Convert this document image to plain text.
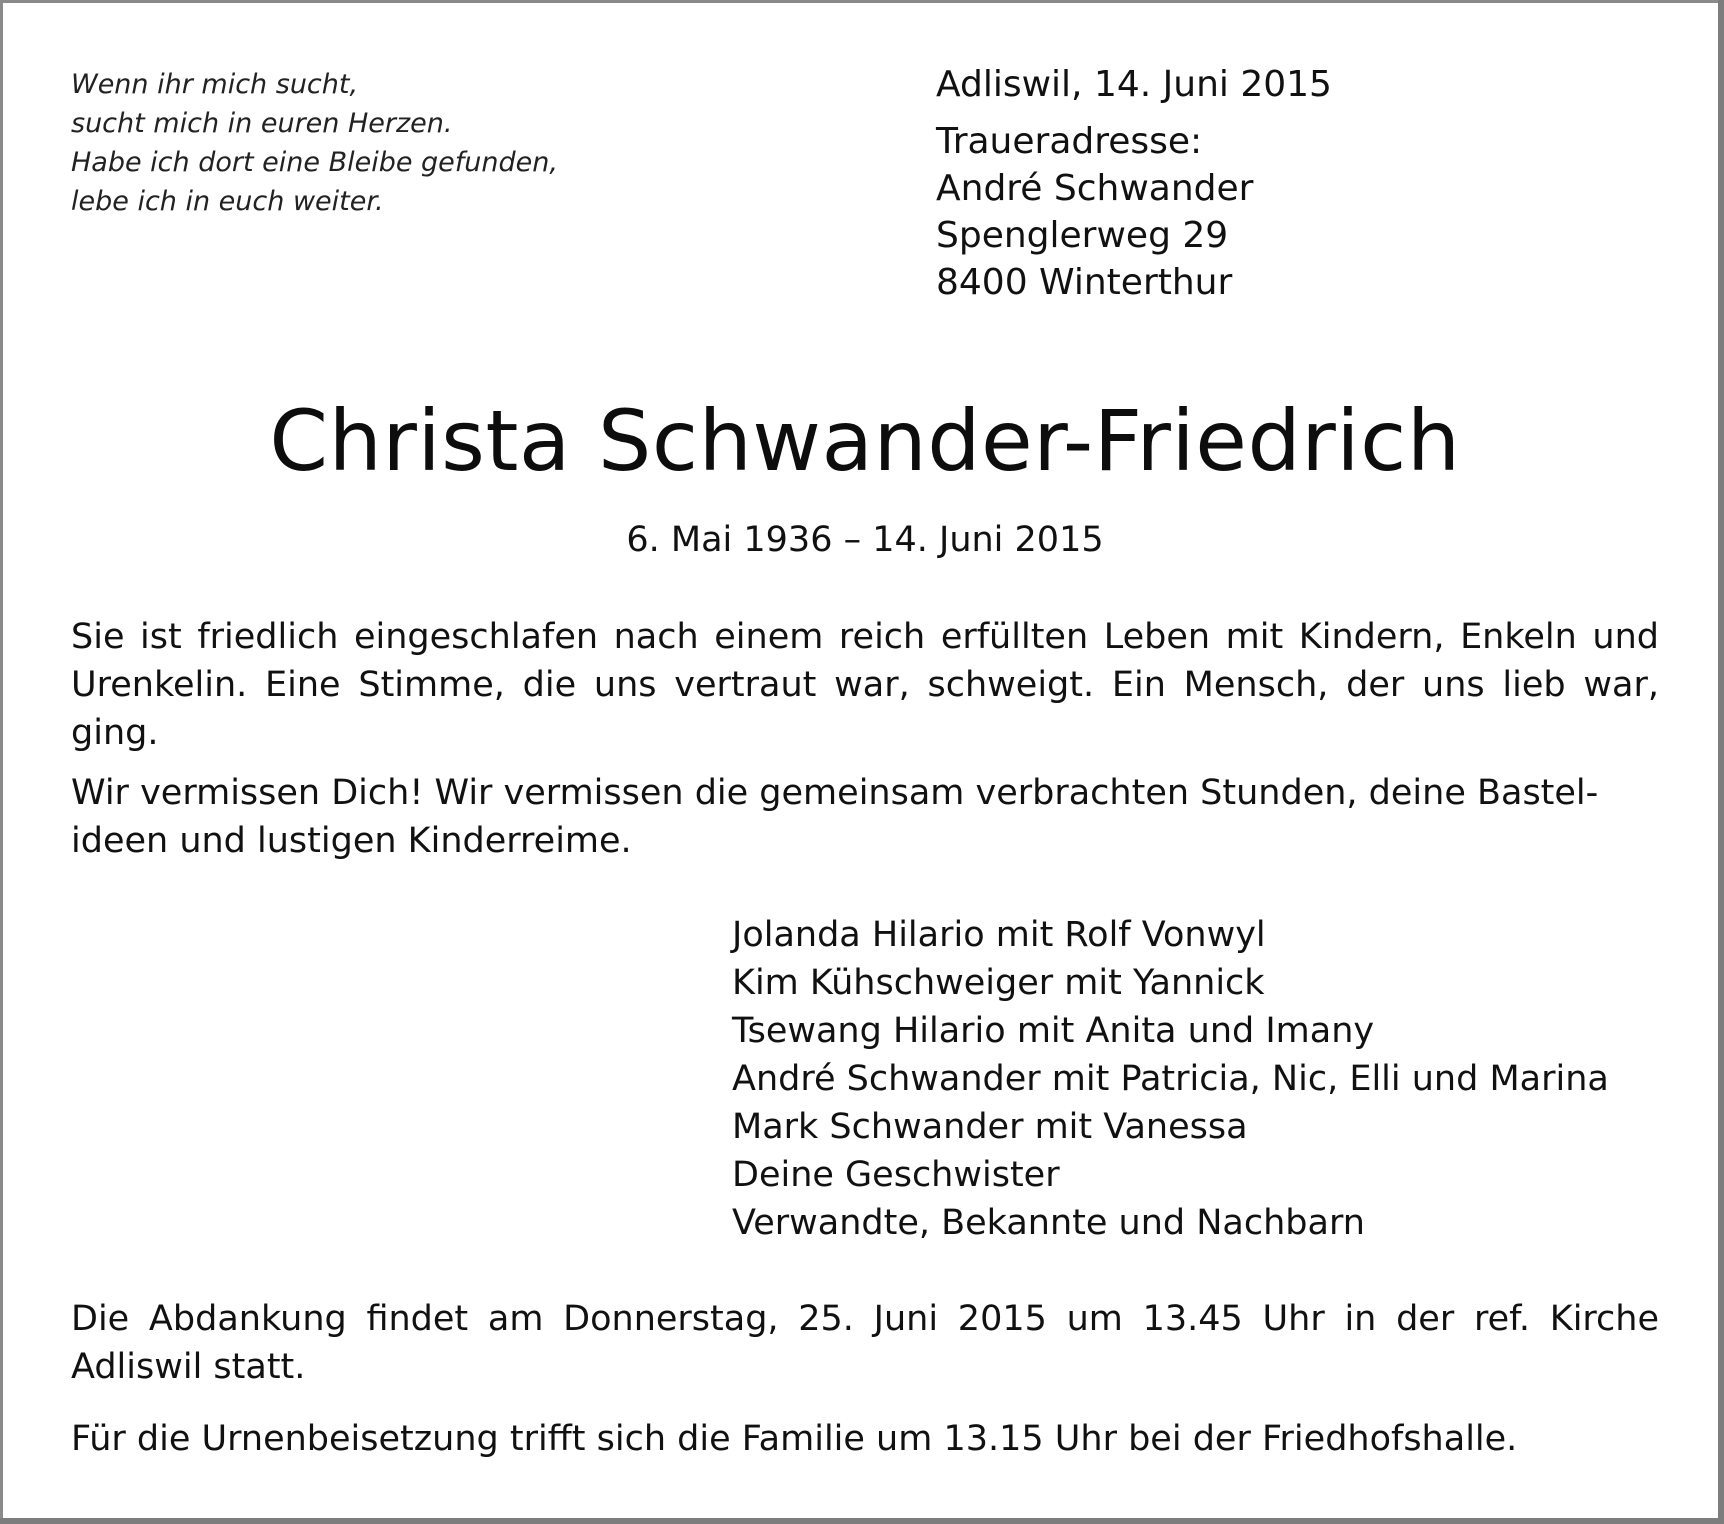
Wenn ihr mich sucht,
sucht mich in euren Herzen.
Habe ich dort eine Bleibe gefunden,
lebe ich in euch weiter.
Adliswil, 14. Juni 2015
Traueradresse:
André Schwander
Spenglerweg 29
8400 Winterthur
Christa Schwander-Friedrich
6. Mai 1936 – 14. Juni 2015
Sie ist friedlich eingeschlafen nach einem reich erfüllten Leben mit Kindern, Enkeln und Urenkelin. Eine Stimme, die uns vertraut war, schweigt. Ein Mensch, der uns lieb war, ging.
Wir vermissen Dich! Wir vermissen die gemeinsam verbrachten Stunden, deine Bastel-
ideen und lustigen Kinderreime.
Jolanda Hilario mit Rolf Vonwyl
Kim Kühschweiger mit Yannick
Tsewang Hilario mit Anita und Imany
André Schwander mit Patricia, Nic, Elli und Marina
Mark Schwander mit Vanessa
Deine Geschwister
Verwandte, Bekannte und Nachbarn
Die Abdankung findet am Donnerstag, 25. Juni 2015 um 13.45 Uhr in der ref. Kirche Adliswil statt.
Für die Urnenbeisetzung trifft sich die Familie um 13.15 Uhr bei der Friedhofshalle.
